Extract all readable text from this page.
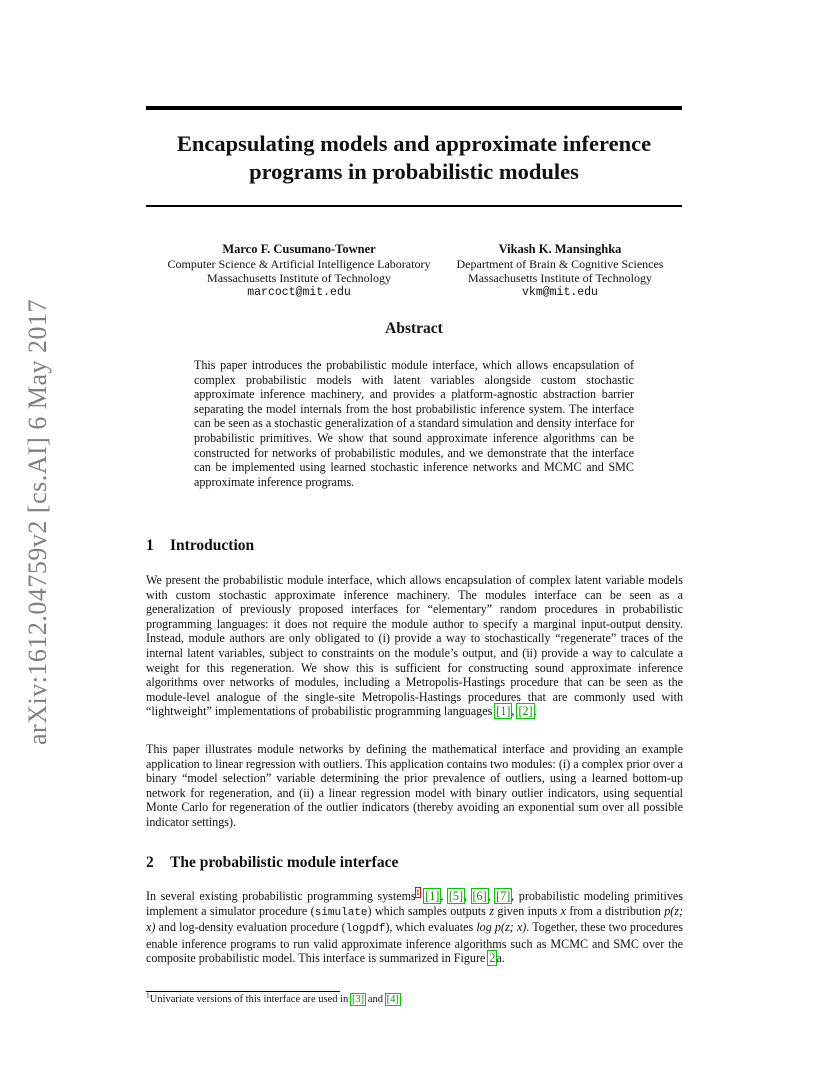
Encapsulating models and approximate inference programs in probabilistic modules
Marco F. Cusumano-Towner
Computer Science & Artificial Intelligence Laboratory
Massachusetts Institute of Technology
marcoct@mit.edu
Vikash K. Mansinghka
Department of Brain & Cognitive Sciences
Massachusetts Institute of Technology
vkm@mit.edu
arXiv:1612.04759v2 [cs.AI] 6 May 2017	Abstract

This paper introduces the probabilistic module interface, which allows encapsulation of complex probabilistic models with latent variables alongside custom stochastic approximate inference machinery, and provides a platform-agnostic abstraction barrier separating the model internals from the host probabilistic inference system. The interface can be seen as a stochastic generalization of a standard simulation and density interface for probabilistic primitives. We show that sound approximate inference algorithms can be constructed for networks of probabilistic modules, and we demonstrate that the interface can be implemented using learned stochastic inference networks and MCMC and SMC approximate inference programs.

1 Introduction

We present the probabilistic module interface, which allows encapsulation of complex latent variable models with custom stochastic approximate inference machinery. The modules interface can be seen as a generalization of previously proposed interfaces for “elementary” random procedures in probabilistic programming languages: it does not require the module author to specify a marginal input-output density. Instead, module authors are only obligated to (i) provide a way to stochastically “regenerate” traces of the internal latent variables, subject to constraints on the module’s output, and (ii) provide a way to calculate a weight for this regeneration. We show this is sufficient for constructing sound approximate inference algorithms over networks of modules, including a Metropolis-Hastings procedure that can be seen as the module-level analogue of the single-site Metropolis-Hastings procedures that are commonly used with “lightweight” implementations of probabilistic programming languages [1], [2].

This paper illustrates module networks by defining the mathematical interface and providing an example application to linear regression with outliers. This application contains two modules: (i) a complex prior over a binary “model selection” variable determining the prior prevalence of outliers, using a learned bottom-up network for regeneration, and (ii) a linear regression model with binary outlier indicators, using sequential Monte Carlo for regeneration of the outlier indicators (thereby avoiding an exponential sum over all possible indicator settings).

2 The probabilistic module interface

In several existing probabilistic programming systems$^1$ [1], [5], [6], [7], probabilistic modeling primitives implement a simulator procedure (simulate) which samples outputs z given inputs x from a distribution p(z; x) and log-density evaluation procedure (logpdf), which evaluates log p(z; x). Together, these two procedures enable inference programs to run valid approximate inference algorithms such as MCMC and SMC over the composite probabilistic model. This interface is summarized in Figure 2a.

$^1$Univariate versions of this interface are used in [3] and [4]
